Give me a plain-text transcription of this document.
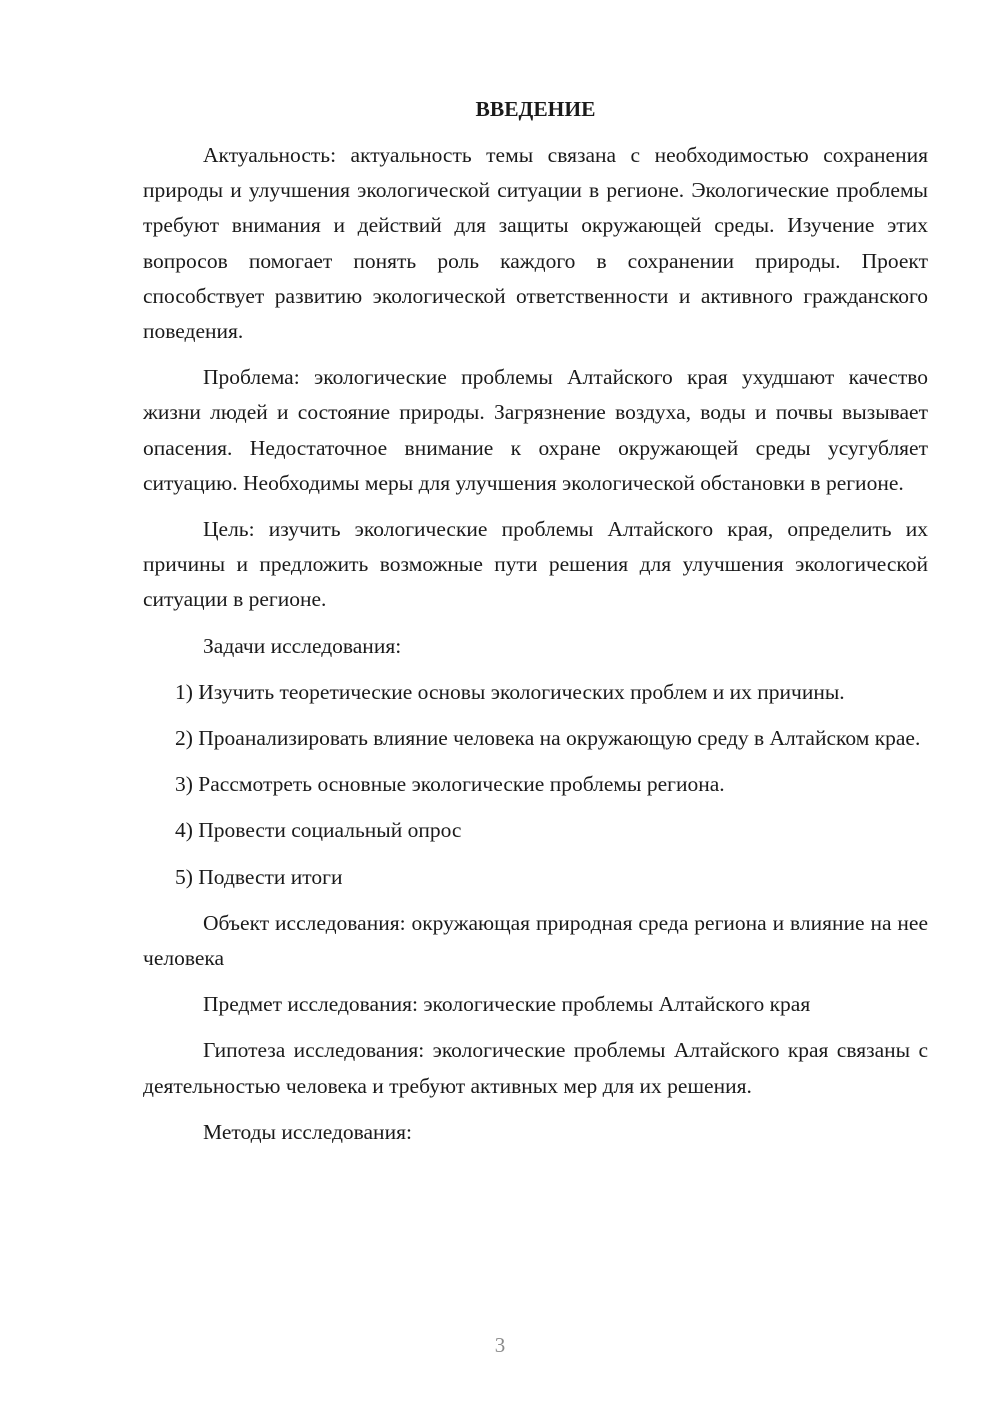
ВВЕДЕНИЕ

Актуальность: актуальность темы связана с необходимостью сохранения природы и улучшения экологической ситуации в регионе. Экологические проблемы требуют внимания и действий для защиты окружающей среды. Изучение этих вопросов помогает понять роль каждого в сохранении природы. Проект способствует развитию экологической ответственности и активного гражданского поведения.

Проблема: экологические проблемы Алтайского края ухудшают качество жизни людей и состояние природы. Загрязнение воздуха, воды и почвы вызывает опасения. Недостаточное внимание к охране окружающей среды усугубляет ситуацию. Необходимы меры для улучшения экологической обстановки в регионе.

Цель: изучить экологические проблемы Алтайского края, определить их причины и предложить возможные пути решения для улучшения экологической ситуации в регионе.

Задачи исследования:

1) Изучить теоретические основы экологических проблем и их причины.

2) Проанализировать влияние человека на окружающую среду в Алтайском крае.

3) Рассмотреть основные экологические проблемы региона.

4) Провести социальный опрос

5) Подвести итоги

Объект исследования: окружающая природная среда региона и влияние на нее человека

Предмет исследования: экологические проблемы Алтайского края

Гипотеза исследования: экологические проблемы Алтайского края связаны с деятельностью человека и требуют активных мер для их решения.

Методы исследования:

3
